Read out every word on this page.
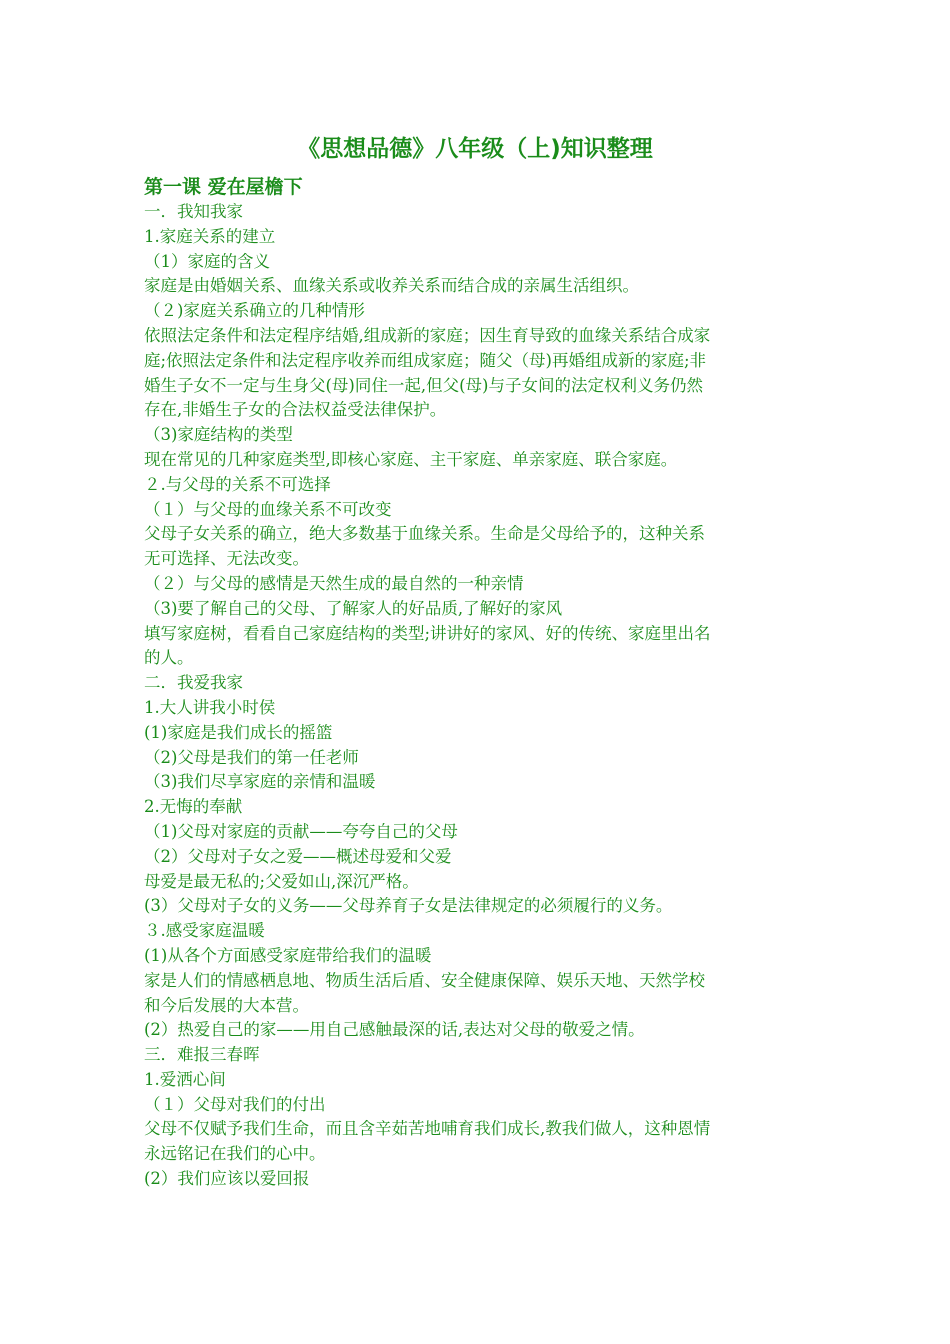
《思想品德》八年级（上)知识整理
第一课 爱在屋檐下

一．我知我家

1.家庭关系的建立

（1）家庭的含义

家庭是由婚姻关系、血缘关系或收养关系而结合成的亲属生活组织。

（２)家庭关系确立的几种情形

依照法定条件和法定程序结婚,组成新的家庭；因生育导致的血缘关系结合成家

庭;依照法定条件和法定程序收养而组成家庭；随父（母)再婚组成新的家庭;非

婚生子女不一定与生身父(母)同住一起,但父(母)与子女间的法定权利义务仍然

存在,非婚生子女的合法权益受法律保护。

（3)家庭结构的类型

现在常见的几种家庭类型,即核心家庭、主干家庭、单亲家庭、联合家庭。

２.与父母的关系不可选择

（１）与父母的血缘关系不可改变

父母子女关系的确立，绝大多数基于血缘关系。生命是父母给予的，这种关系

无可选择、无法改变。

（２）与父母的感情是天然生成的最自然的一种亲情

（3)要了解自己的父母、了解家人的好品质,了解好的家风

填写家庭树，看看自己家庭结构的类型;讲讲好的家风、好的传统、家庭里出名

的人。

二．我爱我家

1.大人讲我小时侯

(1)家庭是我们成长的摇篮

（2)父母是我们的第一任老师

（3)我们尽享家庭的亲情和温暖

2.无悔的奉献

（1)父母对家庭的贡献——夸夸自己的父母

（2）父母对子女之爱——概述母爱和父爱

母爱是最无私的;父爱如山,深沉严格。

(3）父母对子女的义务——父母养育子女是法律规定的必须履行的义务。

３.感受家庭温暖

(1)从各个方面感受家庭带给我们的温暖

家是人们的情感栖息地、物质生活后盾、安全健康保障、娱乐天地、天然学校

和今后发展的大本营。

(2）热爱自己的家——用自己感触最深的话,表达对父母的敬爱之情。

三．难报三春晖

1.爱洒心间

（１）父母对我们的付出

父母不仅赋予我们生命，而且含辛茹苦地哺育我们成长,教我们做人，这种恩情

永远铭记在我们的心中。

(2）我们应该以爱回报
